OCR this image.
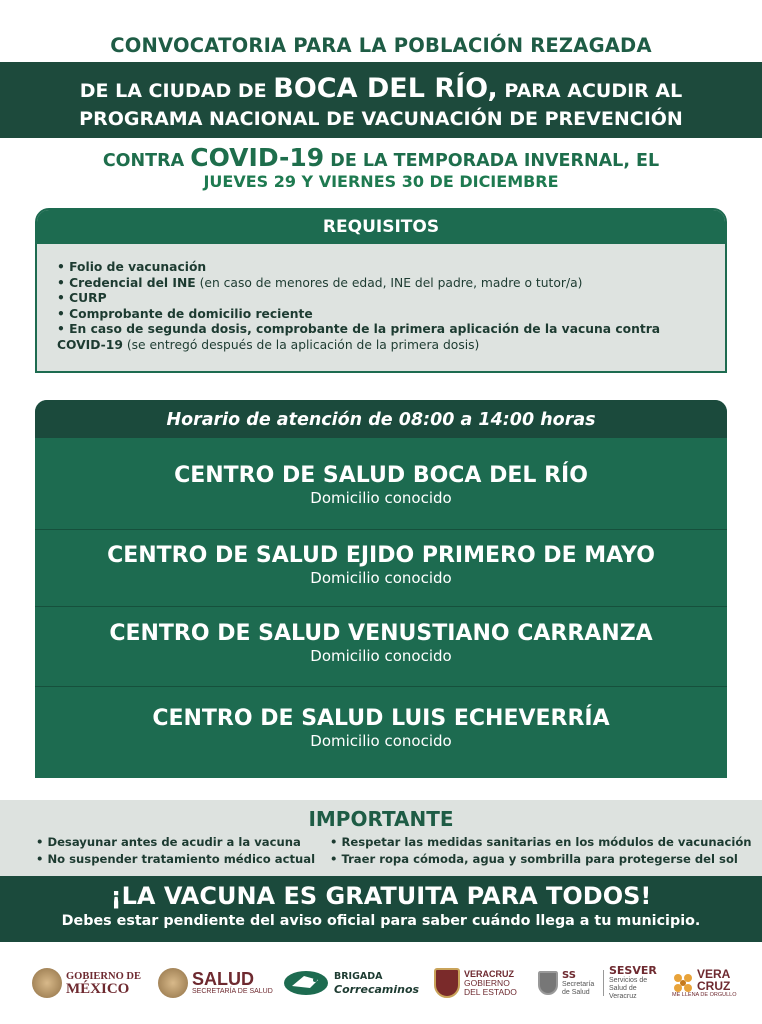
CONVOCATORIA PARA LA POBLACIÓN REZAGADA
DE LA CIUDAD DE BOCA DEL RÍO, PARA ACUDIR AL
PROGRAMA NACIONAL DE VACUNACIÓN DE PREVENCIÓN
CONTRA COVID-19 DE LA TEMPORADA INVERNAL, EL
JUEVES 29 Y VIERNES 30 DE DICIEMBRE
REQUISITOS
• Folio de vacunación
• Credencial del INE (en caso de menores de edad, INE del padre, madre o tutor/a)
• CURP
• Comprobante de domicilio reciente
• En caso de segunda dosis, comprobante de la primera aplicación de la vacuna contra
COVID-19 (se entregó después de la aplicación de la primera dosis)
Horario de atención de 08:00 a 14:00 horas
CENTRO DE SALUD BOCA DEL RÍO
Domicilio conocido
CENTRO DE SALUD EJIDO PRIMERO DE MAYO
Domicilio conocido
CENTRO DE SALUD VENUSTIANO CARRANZA
Domicilio conocido
CENTRO DE SALUD LUIS ECHEVERRÍA
Domicilio conocido
IMPORTANTE
• Desayunar antes de acudir a la vacuna
• No suspender tratamiento médico actual
• Respetar las medidas sanitarias en los módulos de vacunación
• Traer ropa cómoda, agua y sombrilla para protegerse del sol
¡LA VACUNA ES GRATUITA PARA TODOS!
Debes estar pendiente del aviso oficial para saber cuándo llega a tu municipio.
GOBIERNO DE
MÉXICO	SALUD
SECRETARÍA DE SALUD
BRIGADA
Correcaminos
VERACRUZ
GOBIERNO
DEL ESTADO
SS
Secretaría de Salud
SESVER
Servicios de Salud de Veracruz
VERA
CRUZ
ME LLENA DE ORGULLO
